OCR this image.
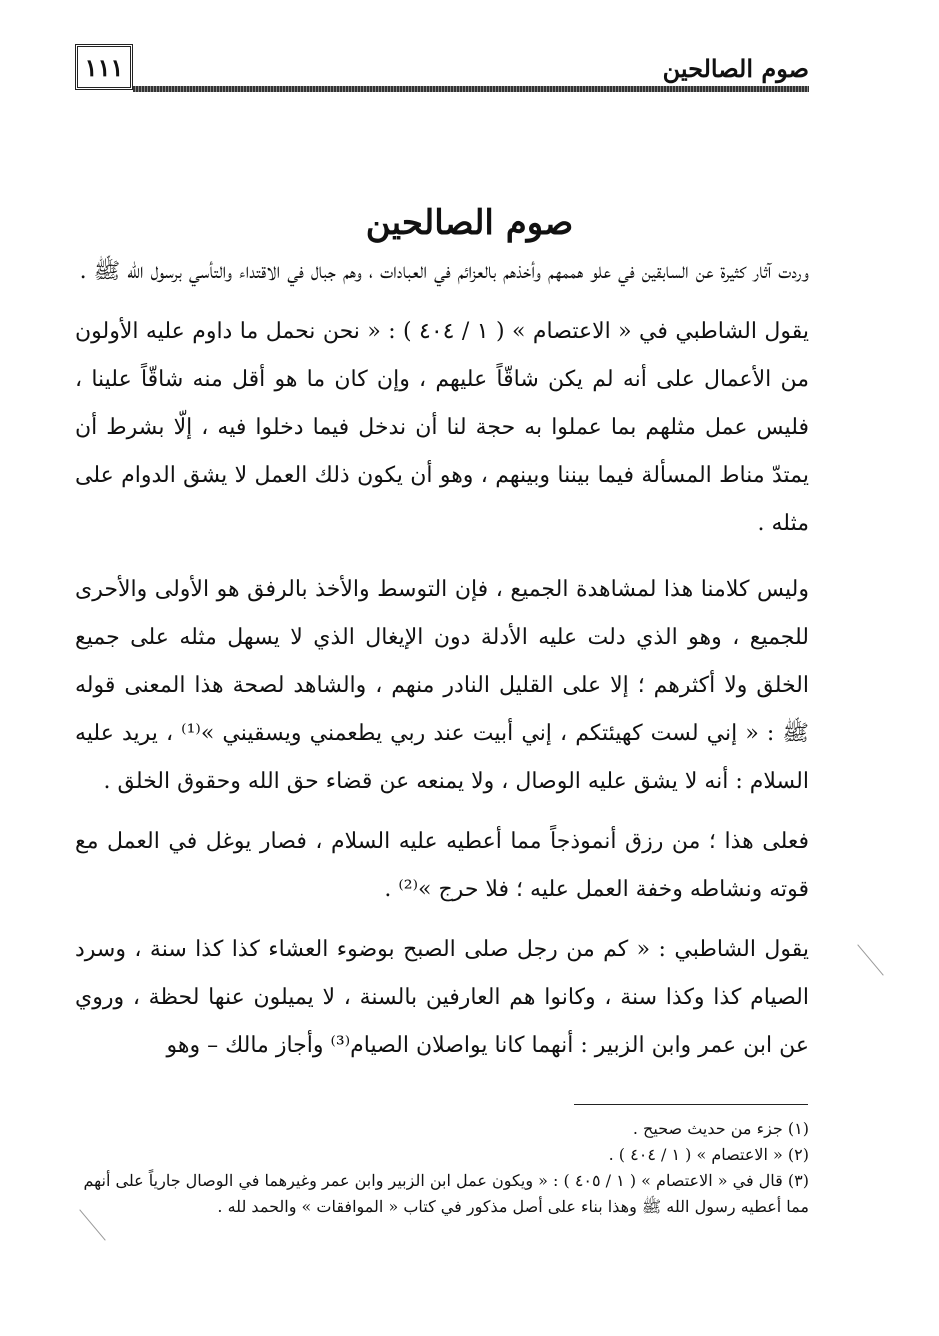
١١١	صوم الصالحين
صوم الصالحين

وردت آثار كثيرة عن السابقين في علو هممهم وأخذهم بالعزائم في العبادات ، وهم جبال في الاقتداء والتأسي برسول الله ﷺ .

يقول الشاطبي في « الاعتصام » ( ١ / ٤٠٤ ) : « نحن نحمل ما داوم عليه الأولون من الأعمال على أنه لم يكن شاقّاً عليهم ، وإن كان ما هو أقل منه شاقّاً علينا ، فليس عمل مثلهم بما عملوا به حجة لنا أن ندخل فيما دخلوا فيه ، إلّا بشرط أن يمتدّ مناط المسألة فيما بيننا وبينهم ، وهو أن يكون ذلك العمل لا يشق الدوام على مثله .

وليس كلامنا هذا لمشاهدة الجميع ، فإن التوسط والأخذ بالرفق هو الأولى والأحرى للجميع ، وهو الذي دلت عليه الأدلة دون الإيغال الذي لا يسهل مثله على جميع الخلق ولا أكثرهم ؛ إلا على القليل النادر منهم ، والشاهد لصحة هذا المعنى قوله ﷺ : « إني لست كهيئتكم ، إني أبيت عند ربي يطعمني ويسقيني »⁽¹⁾ ، يريد عليه السلام : أنه لا يشق عليه الوصال ، ولا يمنعه عن قضاء حق الله وحقوق الخلق .

فعلى هذا ؛ من رزق أنموذجاً مما أعطيه عليه السلام ، فصار يوغل في العمل مع قوته ونشاطه وخفة العمل عليه ؛ فلا حرج »⁽²⁾ .

يقول الشاطبي : « كم من رجل صلى الصبح بوضوء العشاء كذا كذا سنة ، وسرد الصيام كذا وكذا سنة ، وكانوا هم العارفين بالسنة ، لا يميلون عنها لحظة ، وروي عن ابن عمر وابن الزبير : أنهما كانا يواصلان الصيام⁽³⁾ وأجاز مالك – وهو

(١) جزء من حديث صحيح .
(٢) « الاعتصام » ( ١ / ٤٠٤ ) .
(٣) قال في « الاعتصام » ( ١ / ٤٠٥ ) : « ويكون عمل ابن الزبير وابن عمر وغيرهما في الوصال جارياً على أنهم مما أعطيه رسول الله ﷺ وهذا بناء على أصل مذكور في كتاب « الموافقات » والحمد لله .
